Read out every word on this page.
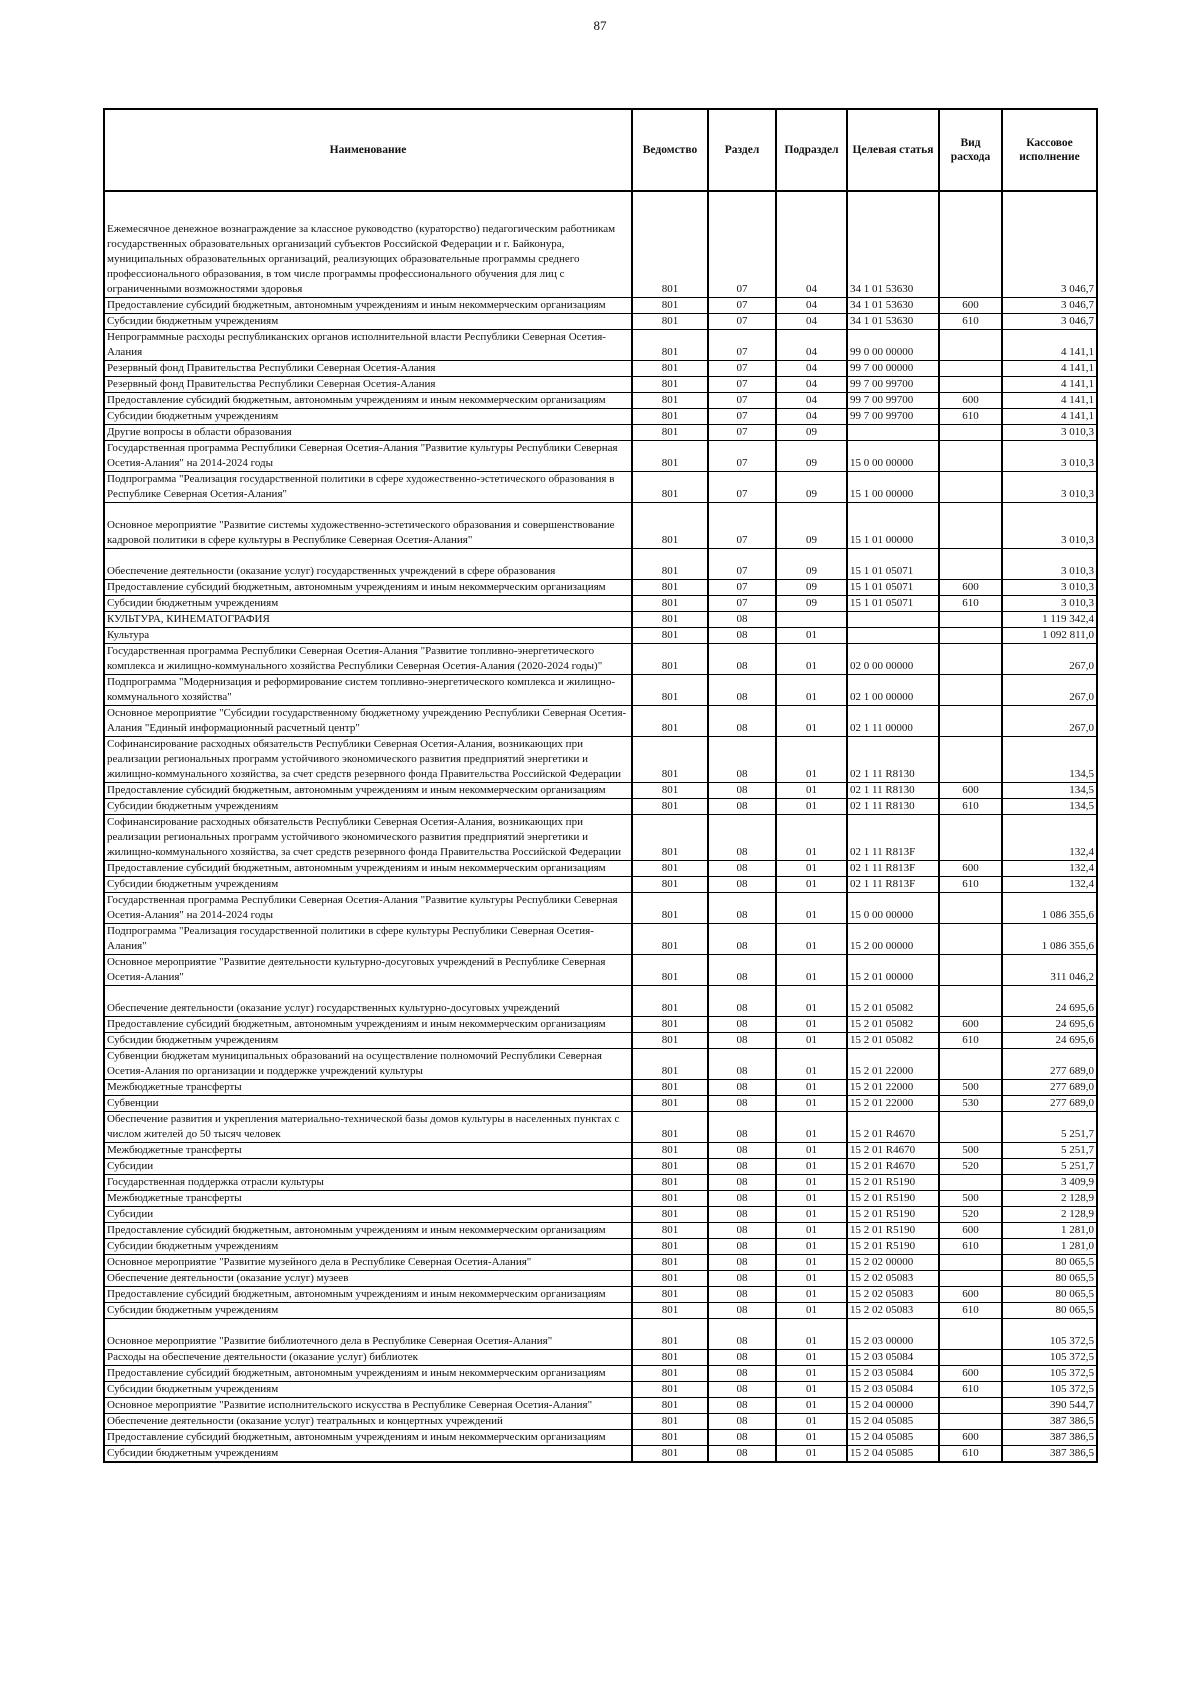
87
Наименование	Ведомство	Раздел	Подраздел	Целевая статья	Вид расхода	Кассовое исполнение
Ежемесячное денежное вознаграждение за классное руководство (кураторство) педагогическим работникам государственных образовательных организаций субъектов Российской Федерации и г. Байконура, муниципальных образовательных организаций, реализующих образовательные программы среднего профессионального образования, в том числе программы профессионального обучения для лиц с ограниченными возможностями здоровья	801	07	04	34 1 01 53630		3 046,7
Предоставление субсидий бюджетным, автономным учреждениям и иным некоммерческим организациям	801	07	04	34 1 01 53630	600	3 046,7
Субсидии бюджетным учреждениям	801	07	04	34 1 01 53630	610	3 046,7
Непрограммные расходы республиканских органов исполнительной власти Республики Северная Осетия-Алания	801	07	04	99 0 00 00000		4 141,1
Резервный фонд Правительства Республики Северная Осетия-Алания	801	07	04	99 7 00 00000		4 141,1
Резервный фонд Правительства Республики Северная Осетия-Алания	801	07	04	99 7 00 99700		4 141,1
Предоставление субсидий бюджетным, автономным учреждениям и иным некоммерческим организациям	801	07	04	99 7 00 99700	600	4 141,1
Субсидии бюджетным учреждениям	801	07	04	99 7 00 99700	610	4 141,1
Другие вопросы в области образования	801	07	09			3 010,3
Государственная программа Республики Северная Осетия-Алания "Развитие культуры Республики Северная Осетия-Алания" на 2014-2024 годы	801	07	09	15 0 00 00000		3 010,3
Подпрограмма "Реализация государственной политики в сфере художественно-эстетического образования в Республике Северная Осетия-Алания"	801	07	09	15 1 00 00000		3 010,3
Основное мероприятие "Развитие системы художественно-эстетического образования и совершенствование кадровой политики в сфере культуры в Республике Северная Осетия-Алания"	801	07	09	15 1 01 00000		3 010,3
Обеспечение деятельности (оказание услуг) государственных учреждений в сфере образования	801	07	09	15 1 01 05071		3 010,3
Предоставление субсидий бюджетным, автономным учреждениям и иным некоммерческим организациям	801	07	09	15 1 01 05071	600	3 010,3
Субсидии бюджетным учреждениям	801	07	09	15 1 01 05071	610	3 010,3
КУЛЬТУРА, КИНЕМАТОГРАФИЯ	801	08				1 119 342,4
Культура	801	08	01			1 092 811,0
Государственная программа Республики Северная Осетия-Алания "Развитие топливно-энергетического комплекса и жилищно-коммунального хозяйства Республики Северная Осетия-Алания (2020-2024 годы)"	801	08	01	02 0 00 00000		267,0
Подпрограмма "Модернизация и реформирование систем топливно-энергетического комплекса и жилищно-коммунального хозяйства"	801	08	01	02 1 00 00000		267,0
Основное мероприятие "Субсидии государственному бюджетному учреждению Республики Северная Осетия-Алания "Единый информационный расчетный центр"	801	08	01	02 1 11 00000		267,0
Софинансирование расходных обязательств Республики Северная Осетия-Алания, возникающих при реализации региональных программ устойчивого экономического развития предприятий энергетики и жилищно-коммунального хозяйства, за счет средств резервного фонда Правительства Российской Федерации	801	08	01	02 1 11 R8130		134,5
Предоставление субсидий бюджетным, автономным учреждениям и иным некоммерческим организациям	801	08	01	02 1 11 R8130	600	134,5
Субсидии бюджетным учреждениям	801	08	01	02 1 11 R8130	610	134,5
Софинансирование расходных обязательств Республики Северная Осетия-Алания, возникающих при реализации региональных программ устойчивого экономического развития предприятий энергетики и жилищно-коммунального хозяйства, за счет средств резервного фонда Правительства Российской Федерации	801	08	01	02 1 11 R813F		132,4
Предоставление субсидий бюджетным, автономным учреждениям и иным некоммерческим организациям	801	08	01	02 1 11 R813F	600	132,4
Субсидии бюджетным учреждениям	801	08	01	02 1 11 R813F	610	132,4
Государственная программа Республики Северная Осетия-Алания "Развитие культуры Республики Северная Осетия-Алания" на 2014-2024 годы	801	08	01	15 0 00 00000		1 086 355,6
Подпрограмма "Реализация государственной политики в сфере культуры Республики Северная Осетия-Алания"	801	08	01	15 2 00 00000		1 086 355,6
Основное мероприятие "Развитие деятельности культурно-досуговых учреждений в Республике Северная Осетия-Алания"	801	08	01	15 2 01 00000		311 046,2
Обеспечение деятельности (оказание услуг) государственных культурно-досуговых учреждений	801	08	01	15 2 01 05082		24 695,6
Предоставление субсидий бюджетным, автономным учреждениям и иным некоммерческим организациям	801	08	01	15 2 01 05082	600	24 695,6
Субсидии бюджетным учреждениям	801	08	01	15 2 01 05082	610	24 695,6
Субвенции бюджетам муниципальных образований на осуществление полномочий Республики Северная Осетия-Алания по организации и поддержке учреждений культуры	801	08	01	15 2 01 22000		277 689,0
Межбюджетные трансферты	801	08	01	15 2 01 22000	500	277 689,0
Субвенции	801	08	01	15 2 01 22000	530	277 689,0
Обеспечение развития и укрепления материально-технической базы домов культуры в населенных пунктах с числом жителей до 50 тысяч человек	801	08	01	15 2 01 R4670		5 251,7
Межбюджетные трансферты	801	08	01	15 2 01 R4670	500	5 251,7
Субсидии	801	08	01	15 2 01 R4670	520	5 251,7
Государственная поддержка отрасли культуры	801	08	01	15 2 01 R5190		3 409,9
Межбюджетные трансферты	801	08	01	15 2 01 R5190	500	2 128,9
Субсидии	801	08	01	15 2 01 R5190	520	2 128,9
Предоставление субсидий бюджетным, автономным учреждениям и иным некоммерческим организациям	801	08	01	15 2 01 R5190	600	1 281,0
Субсидии бюджетным учреждениям	801	08	01	15 2 01 R5190	610	1 281,0
Основное мероприятие "Развитие музейного дела в Республике Северная Осетия-Алания"	801	08	01	15 2 02 00000		80 065,5
Обеспечение деятельности (оказание услуг) музеев	801	08	01	15 2 02 05083		80 065,5
Предоставление субсидий бюджетным, автономным учреждениям и иным некоммерческим организациям	801	08	01	15 2 02 05083	600	80 065,5
Субсидии бюджетным учреждениям	801	08	01	15 2 02 05083	610	80 065,5
Основное мероприятие "Развитие библиотечного дела в Республике Северная Осетия-Алания"	801	08	01	15 2 03 00000		105 372,5
Расходы на обеспечение деятельности (оказание услуг) библиотек	801	08	01	15 2 03 05084		105 372,5
Предоставление субсидий бюджетным, автономным учреждениям и иным некоммерческим организациям	801	08	01	15 2 03 05084	600	105 372,5
Субсидии бюджетным учреждениям	801	08	01	15 2 03 05084	610	105 372,5
Основное мероприятие "Развитие исполнительского искусства в Республике Северная Осетия-Алания"	801	08	01	15 2 04 00000		390 544,7
Обеспечение деятельности (оказание услуг) театральных и концертных учреждений	801	08	01	15 2 04 05085		387 386,5
Предоставление субсидий бюджетным, автономным учреждениям и иным некоммерческим организациям	801	08	01	15 2 04 05085	600	387 386,5
Субсидии бюджетным учреждениям	801	08	01	15 2 04 05085	610	387 386,5
